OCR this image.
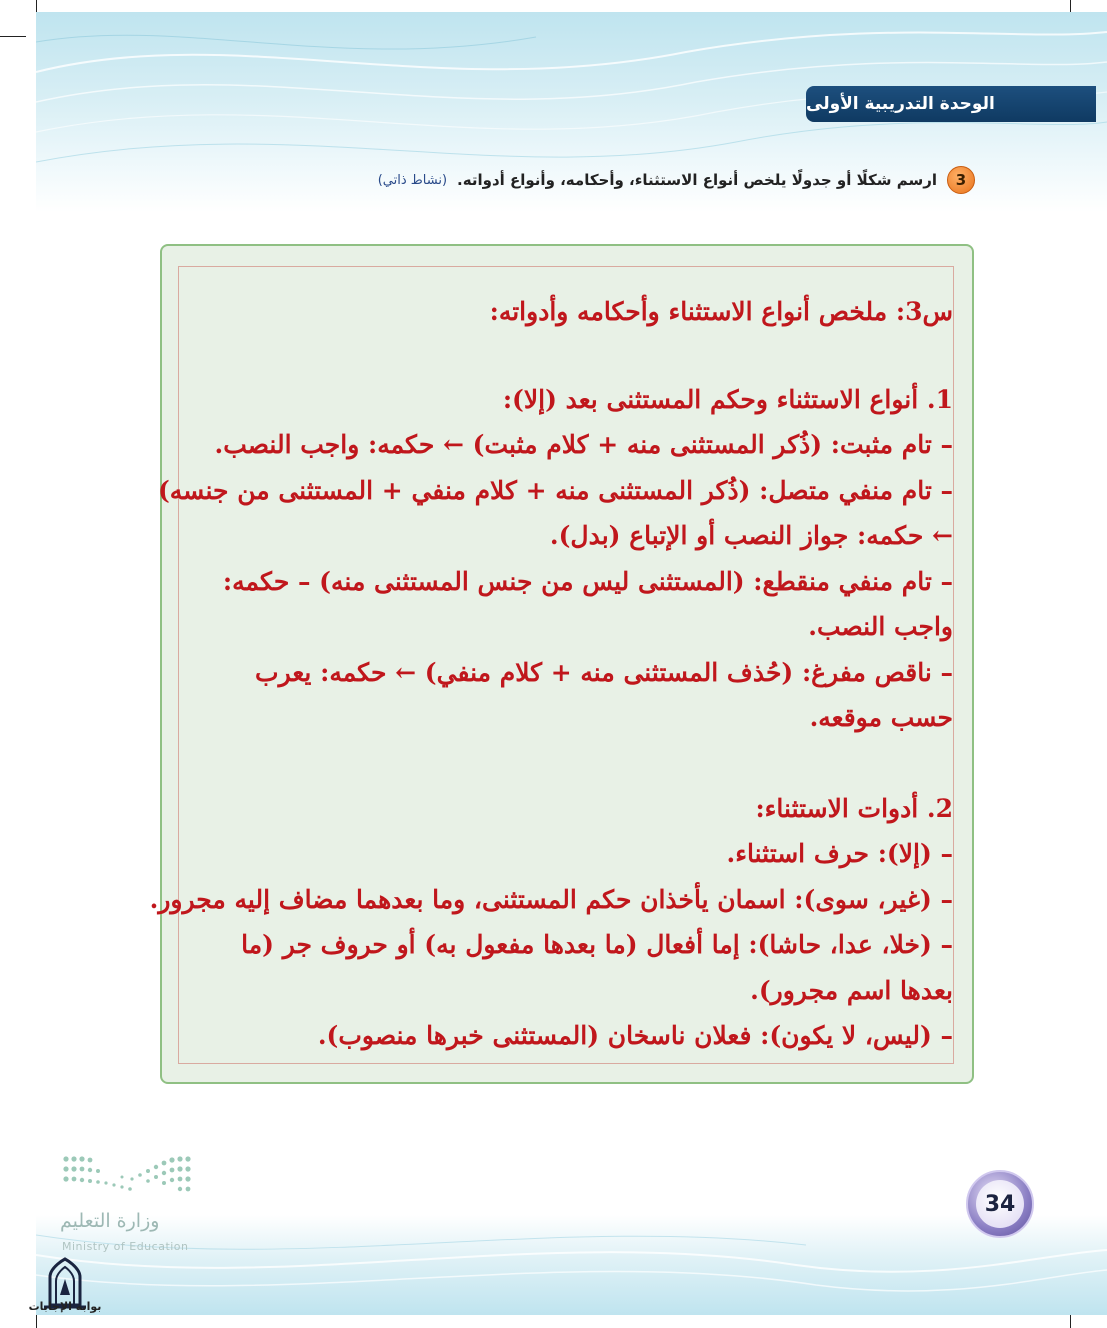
الوحدة التدريبية الأولى
3
ارسم شكلًا أو جدولًا يلخص أنواع الاستثناء، وأحكامه، وأنواع أدواته.
(نشاط ذاتي)
س3: ملخص أنواع الاستثناء وأحكامه وأدواته:
1. أنواع الاستثناء وحكم المستثنى بعد (إلا):
– تام مثبت: (ذُكر المستثنى منه + كلام مثبت) ← حكمه: واجب النصب.
– تام منفي متصل: (ذُكر المستثنى منه + كلام منفي + المستثنى من جنسه)
← حكمه: جواز النصب أو الإتباع (بدل).
– تام منفي منقطع: (المستثنى ليس من جنس المستثنى منه) – حكمه:
واجب النصب.
– ناقص مفرغ: (حُذف المستثنى منه + كلام منفي) ← حكمه: يعرب
حسب موقعه.
2. أدوات الاستثناء:
– (إلا): حرف استثناء.
– (غير، سوى): اسمان يأخذان حكم المستثنى، وما بعدهما مضاف إليه مجرور.
– (خلا، عدا، حاشا): إما أفعال (ما بعدها مفعول به) أو حروف جر (ما
بعدها اسم مجرور).
– (ليس، لا يكون): فعلان ناسخان (المستثنى خبرها منصوب).
وزارة التعليم
Ministry of Education
34
بوابة الإجابات
